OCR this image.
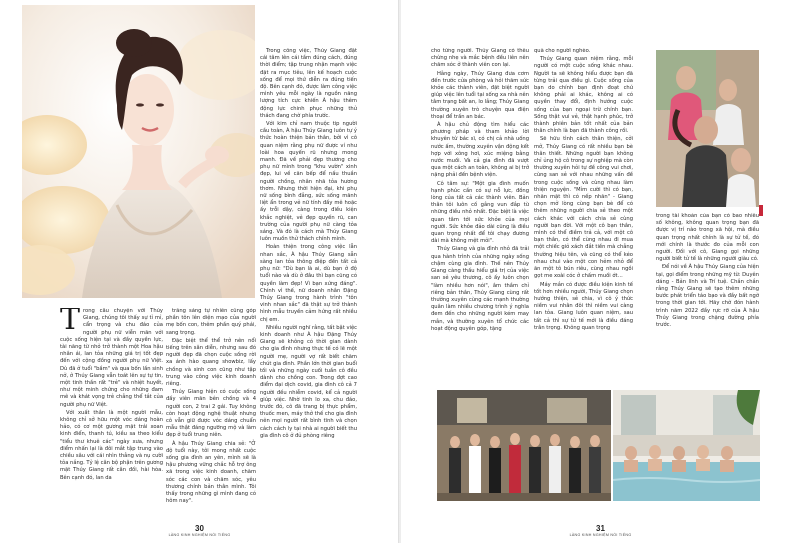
T rong câu chuyện với Thúy Giang, chúng tôi thấy sự tỉ mỉ, cẩn trọng và chu đáo của người phụ nữ viễn mãn với cuộc sống hiện tại và đầy quyền lực, tài năng từ nhỏ trở thành một Hoa hậu nhân ái, lan tỏa những giá trị tốt đẹp đến với cộng đồng người phụ nữ Việt. Dù đã ở tuổi "bầm" và qua bốn lần sinh nở, ở Thúy Giang vẫn toát lên sự tự tin, một tinh thần rất "trẻ" và nhiệt huyết, như một minh chứng cho những đam mê và khát vọng trẻ chẳng thể tắt của người phụ nữ Việt.

Với xuất thân là một người mẫu, không chỉ sở hữu một vóc dáng hoàn hảo, có cơ một gương mặt trái xoan kinh điển, thanh tú, kiều sa theo kiểu "tiểu thư khuê các" ngày xưa, nhưng điểm nhấn lại là đôi mắt tập trung vào chiều sâu với cái nhìn thẳng và nụ cười tỏa nắng. Tỷ lệ cân bộ phận trên gương mặt Thúy Giang rất cân đối, hài hòa. Bên cạnh đó, lan da

trắng sáng tự nhiên cũng góp phần tôn lên diện mạo của người mẹ bốn con, thêm phần quý phái, sang trọng.

Đặc biệt thể thể trở nên nổi tiếng trên sân diễn, nhưng sau đó người đẹp đã chọn cuộc sống rời xa ánh hào quang showbiz, lấy chồng và sinh con cũng như tập trung vào công việc kinh doanh riêng.

Thúy Giang hiện có cuộc sống đầy viên mãn bên chồng và 4 người con, 2 trai 2 gái. Tuy không còn hoạt động nghệ thuật nhưng cô vẫn giữ được vóc dáng chuẩn mẫu thật đáng ngưỡng mộ và làm đẹp ở tuổi trung niên.

À hậu Thúy Giang chia sẻ: "Ở độ tuổi này, tôi mong nhất cuộc sống gia đình an yên, mình sẽ là hậu phương vững chắc hỗ trợ ông xã trong việc kinh doanh, chăm sóc các con và chăm sóc, yêu thương chính bản thân mình. Tôi thấy trong những gì mình đang có hôm nay".

Trong công việc, Thúy Giang đặt cái tâm lên cái tầm đúng cách, đúng thời điểm; tập trung nhận mạnh việc đặt ra mục tiêu, lên kế hoạch cuộc sống để mọi thứ diễn ra đúng tiến độ. Bên cạnh đó, được làm công việc mình yêu mỗi ngày là nguồn năng lượng tích cực khiến À hậu thêm động lực chinh phục những thử thách đang chờ phía trước.

Với kim chỉ nam thuộc tip người cầu toàn, À hậu Thúy Giang luôn tự ý thức hoàn thiện bản thân, bởi vì cô quan niệm rằng phụ nữ được ví như loài hoa quyến rũ nhưng mong manh. Đã về phải đẹp thương cho phụ nữ mình trong "khu vườn" xinh đẹp, lui về căn bếp để nấu thuần người chồng, nhân nhã tỏa hương thơm. Nhưng thời hiện đại, khi phụ nữ sống bình đẳng, sức sống mãnh liệt ẩn trong vẻ nữ tính đầy mê hoặc ấy trỗi dậy, càng trong điều kiện khắc nghiệt, vẻ đẹp quyến rũ, can trường của người phụ nữ càng tỏa sáng. Và đó là cách mà Thúy Giang luôn muốn thử thách chính mình.

Hoàn thiện trong công việc lẫn nhan sắc, À hậu Thúy Giang sẵn sàng lan tỏa thông điệp đến tất cả phụ nữ: "Dù bạn là ai, dù bạn ở độ tuổi nào và dù ở đâu thì bạn cũng có quyền làm đẹp! Vì bạn xứng đáng". Chính vì thế, nữ doanh nhân Đặng Thúy Giang trong hành trình "tôn vinh nhan sắc" đã thật sự trở thành hình mẫu truyền cảm hứng rất nhiều chị em.

Nhiều người nghĩ rằng, tất bật việc kinh doanh như À hậu Đặng Thúy Giang sẽ không có thời gian dành cho gia đình nhưng thực tế có lẽ một người mẹ, người vợ rất biết chăm chút gia đình. Phần lớn thời gian buổi tối và những ngày cuối tuần cô đều dành cho chồng con. Trong đợt cao điểm đại dịch covid, gia đình cô cả 7 người đều nhiễm covid, kể cả người giúp việc. Nhờ tinh lo xa, chu đáo, trước đó, cô đã trang bị thực phẩm, thuốc men, máy thở thế cho gia đình nên mọi người rất bình tĩnh và chọn cách cách ly tại nhà ai người biết thư gia đình cô ở đủ phòng riêng

30
LÀNG KINH NGHIỆM NỔI TIẾNG

cho từng người. Thúy Giang có thêu chừng nhẹ và mắc bệnh đều liên nên chăm sóc ở thành viên con lại.

Hằng ngày, Thúy Giang đưa cơm đến trước cửa phòng và hỏi thăm sức khỏe các thành viên, đặt biệt người giúp việc lên tuổi tại sống xa nhà nên tâm trạng bất an, lo lắng; Thúy Giang thường xuyên trò chuyện qua điện thoại để trấn an bác.

À hậu chủ động tìm hiểu các phương pháp và tham khảo lời khuyên từ bác sĩ, có chị cả nhà uống nước ấm, thường xuyên vận động kết hợp với xông hơi, xúc miệng bằng nước muối. Và cả gia đình đã vượt qua một cách an toàn, không ai bị trở nặng phải đến bệnh viện.

Cô tâm sự: "Một gia đình muốn hạnh phúc cần có sự nỗ lực, đồng lòng của tất cả các thành viên. Bản thân tôi luôn cố gắng vun đắp từ những điều nhỏ nhất. Đặc biệt là việc quan tâm tới sức khỏe của mọi người. Sức khỏe đảo dài cũng là điều quan trọng nhất để tôi chạy đương dài mà không mệt mỏi".

Thúy Giang và gia đình nhỏ đã trải qua hành trình của những ngày sống chậm cùng gia đình. Thế nên Thúy Giang càng thấu hiểu giá trị của việc san sẻ yêu thương, cô ấy luôn chọn "làm nhiều hơn nói", âm thầm chỉ riêng bản thân, Thúy Giang cùng rất thường xuyên cùng các mạnh thường quân làm nhiều chương trình ý nghĩa đem đến cho những người kém may mắn, và thường xuyên tổ chức các hoạt động quyên góp, tặng

quà cho người nghèo.

Thúy Giang quan niệm rằng, mỗi người có một cuộc sống khác nhau. Người ta sẽ không hiểu được bạn đã từng trải qua điều gì. Cuộc sống của bạn do chính bạn định đoạt chứ không phải ai khác, không ai có quyền thay đổi, định hướng cuộc sống của bạn ngoại trừ chính bạn. Sống thật vui vẻ, thật hạnh phúc, trở thành phiên bản tốt nhất của bản thân chính là bạn đã thành công rồi.

Sẽ hữu tình cách thân thiện, cởi mở, Thúy Giang có rất nhiều bạn bè thân thiết. Những người bạn không chỉ ủng hộ cô trong sự nghiệp mà còn thường xuyên hỏi tự đề công vui chơi, cùng san sẻ với nhau những vấn đề trong cuộc sống và cùng nhau làm thiện nguyện. "Mỉm cười thì có bạn, nhăn mặt thì có nếp nhăn" - Giang chọn mở lòng cùng bạn bè để có thêm những người chia sẻ theo một cách khác với cách chia sẻ cùng người bạn đời. Với một cô bạn thân, mình có thể điềm trả cả, với một cô bạn thân, có thể cùng nhau đi mua một chiếc giỏ xách đắt tiền mà chẳng thường hiệu tên, và cũng có thể kéo nhau chui vào một con hẻm nhỏ để ăn một tô bún riêu, cùng nhau ngồi gọt me xoài cóc ở chấm muối ớt…

Máy mắn có được điều kiện kinh tế tốt hơn nhiều người, Thúy Giang chọn hướng thiện, sẻ chia, vì cô ý thức niềm vui nhân đôi thì niềm vui càng lan tỏa. Giang luôn quan niệm, sau tất cả thì sự tử tế mới là điều đáng trân trọng. Không quan trọng

trong tài khoản của bạn có bao nhiêu số không, không quan trọng bạn đã được vị trí nào trong xã hội, mà điều quan trọng nhất chính là sự tử tế, đó mới chính là thước đo của mỗi con người. Đối với cô, Giang gọi những người biết tử tế là những người giàu có.

Để nói về À hậu Thúy Giang của hiện tại, gọi điểm trong những mỹ từ: Duyên dáng - Bản lĩnh và Trí tuệ. Chắn chắn rằng Thúy Giang sẽ tạo thêm những bước phát triển táo bạo và đầy bất ngờ trong thời gian tới. Hãy chờ đón hành trình năm 2022 đầy rực rỡ của À hậu Thúy Giang trong chặng đường phía trước.

31
LÀNG KINH NGHIỆM NỔI TIẾNG
